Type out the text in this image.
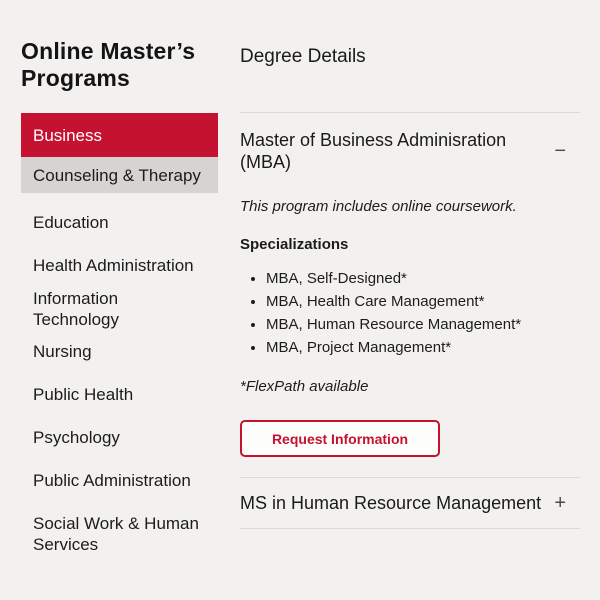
Online Master’s Programs
Business
Counseling & Therapy
Education
Health Administration
Information Technology
Nursing
Public Health
Psychology
Public Administration
Social Work & Human Services
Degree Details
Master of Business Adminisration (MBA)	−

This program includes online coursework.

Specializations

• MBA, Self-Designed*
• MBA, Health Care Management*
• MBA, Human Resource Management*
• MBA, Project Management*

*FlexPath available

Request Information
MS in Human Resource Management +
